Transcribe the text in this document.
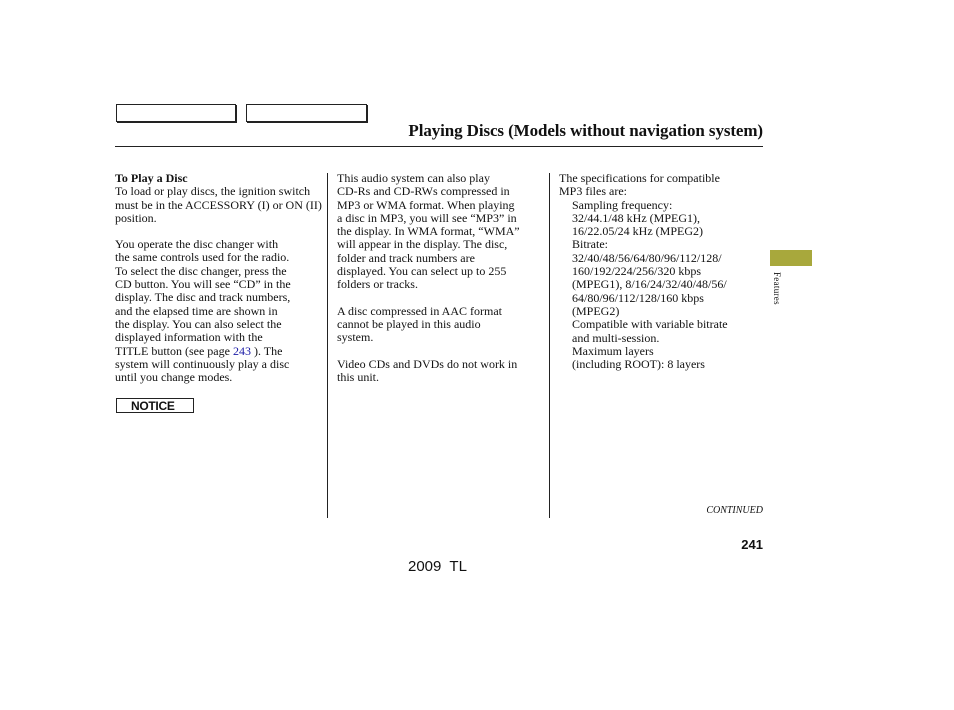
Playing Discs (Models without navigation system)

To Play a Disc

To load or play discs, the ignition switch must be in the ACCESSORY (I) or ON (II) position.

You operate the disc changer with

the same controls used for the radio.

To select the disc changer, press the

CD button. You will see “CD” in the

display. The disc and track numbers,

and the elapsed time are shown in

the display. You can also select the

displayed information with the

TITLE button (see page 243 ). The

system will continuously play a disc

until you change modes.

NOTICE

This audio system can also play

CD-Rs and CD-RWs compressed in

MP3 or WMA format. When playing

a disc in MP3, you will see “MP3” in

the display. In WMA format, “WMA”

will appear in the display. The disc,

folder and track numbers are

displayed. You can select up to 255

folders or tracks.

A disc compressed in AAC format

cannot be played in this audio

system.

Video CDs and DVDs do not work in

this unit.

The specifications for compatible

MP3 files are:

Sampling frequency:

32/44.1/48 kHz (MPEG1),

16/22.05/24 kHz (MPEG2)

Bitrate:

32/40/48/56/64/80/96/112/128/

160/192/224/256/320 kbps

(MPEG1), 8/16/24/32/40/48/56/

64/80/96/112/128/160 kbps

(MPEG2)

Compatible with variable bitrate

and multi-session.

Maximum layers

(including ROOT): 8 layers

Features
CONTINUED
241
2009  TL
